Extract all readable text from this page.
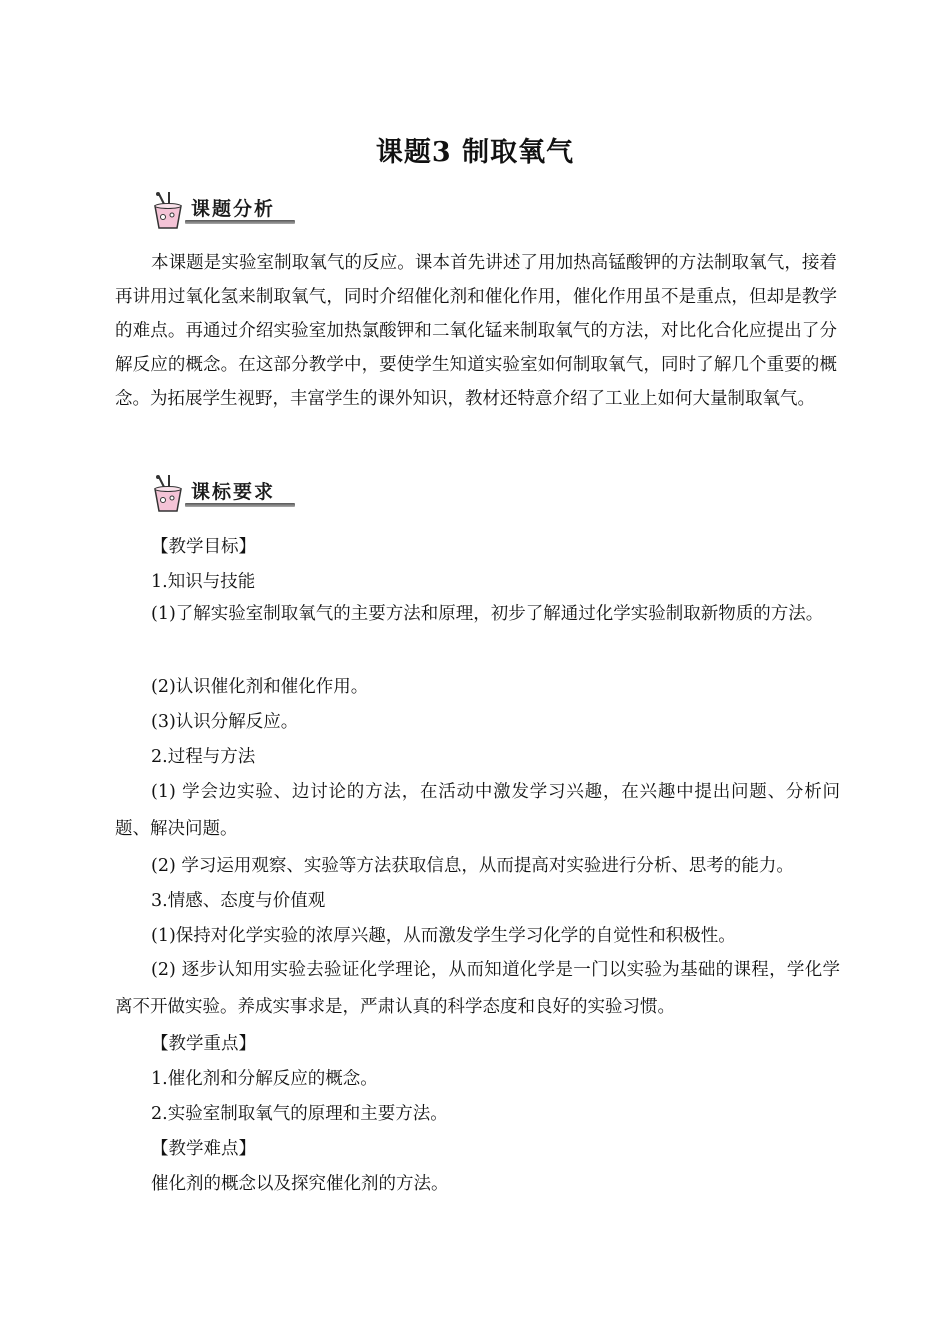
课题3 制取氧气
课题分析
本课题是实验室制取氧气的反应。课本首先讲述了用加热高锰酸钾的方法制取氧气，接着再讲用过氧化氢来制取氧气，同时介绍催化剂和催化作用，催化作用虽不是重点，但却是教学的难点。再通过介绍实验室加热氯酸钾和二氧化锰来制取氧气的方法，对比化合化应提出了分解反应的概念。在这部分教学中，要使学生知道实验室如何制取氧气，同时了解几个重要的概念。为拓展学生视野，丰富学生的课外知识，教材还特意介绍了工业上如何大量制取氧气。
课标要求
【教学目标】
1.知识与技能
(1)了解实验室制取氧气的主要方法和原理，初步了解通过化学实验制取新物质的方法。
(2)认识催化剂和催化作用。
(3)认识分解反应。
2.过程与方法
(1) 学会边实验、边讨论的方法，在活动中激发学习兴趣，在兴趣中提出问题、分析问题、解决问题。
(2) 学习运用观察、实验等方法获取信息，从而提高对实验进行分析、思考的能力。
3.情感、态度与价值观
(1)保持对化学实验的浓厚兴趣，从而激发学生学习化学的自觉性和积极性。
(2) 逐步认知用实验去验证化学理论，从而知道化学是一门以实验为基础的课程，学化学离不开做实验。养成实事求是，严肃认真的科学态度和良好的实验习惯。
【教学重点】
1.催化剂和分解反应的概念。
2.实验室制取氧气的原理和主要方法。
【教学难点】
催化剂的概念以及探究催化剂的方法。
